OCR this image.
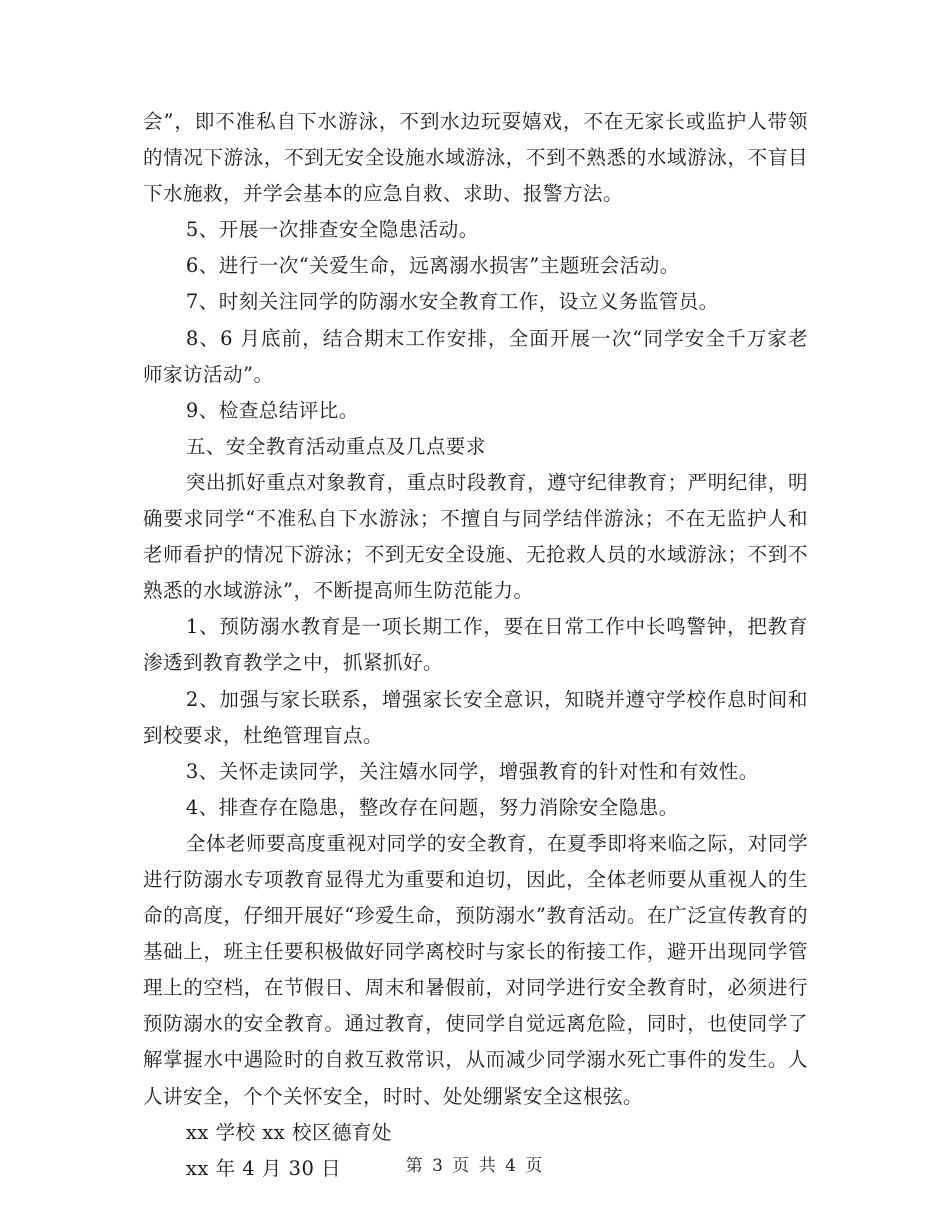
会”，即不准私自下水游泳，不到水边玩耍嬉戏，不在无家长或监护人带领的情况下游泳，不到无安全设施水域游泳，不到不熟悉的水域游泳，不盲目下水施救，并学会基本的应急自救、求助、报警方法。

5、开展一次排查安全隐患活动。

6、进行一次“关爱生命，远离溺水损害”主题班会活动。

7、时刻关注同学的防溺水安全教育工作，设立义务监管员。

8、6 月底前，结合期末工作安排，全面开展一次“同学安全千万家老师家访活动”。

9、检查总结评比。

五、安全教育活动重点及几点要求

突出抓好重点对象教育，重点时段教育，遵守纪律教育；严明纪律，明确要求同学“不准私自下水游泳；不擅自与同学结伴游泳；不在无监护人和老师看护的情况下游泳；不到无安全设施、无抢救人员的水域游泳；不到不熟悉的水域游泳”，不断提高师生防范能力。

1、预防溺水教育是一项长期工作，要在日常工作中长鸣警钟，把教育渗透到教育教学之中，抓紧抓好。

2、加强与家长联系，增强家长安全意识，知晓并遵守学校作息时间和到校要求，杜绝管理盲点。

3、关怀走读同学，关注嬉水同学，增强教育的针对性和有效性。

4、排查存在隐患，整改存在问题，努力消除安全隐患。

全体老师要高度重视对同学的安全教育，在夏季即将来临之际，对同学进行防溺水专项教育显得尤为重要和迫切，因此，全体老师要从重视人的生命的高度，仔细开展好“珍爱生命，预防溺水”教育活动。在广泛宣传教育的基础上，班主任要积极做好同学离校时与家长的衔接工作，避开出现同学管理上的空档，在节假日、周末和暑假前，对同学进行安全教育时，必须进行预防溺水的安全教育。通过教育，使同学自觉远离危险，同时，也使同学了解掌握水中遇险时的自救互救常识，从而减少同学溺水死亡事件的发生。人人讲安全，个个关怀安全，时时、处处绷紧安全这根弦。

xx 学校 xx 校区德育处

xx 年 4 月 30 日	第 3 页 共 4 页
